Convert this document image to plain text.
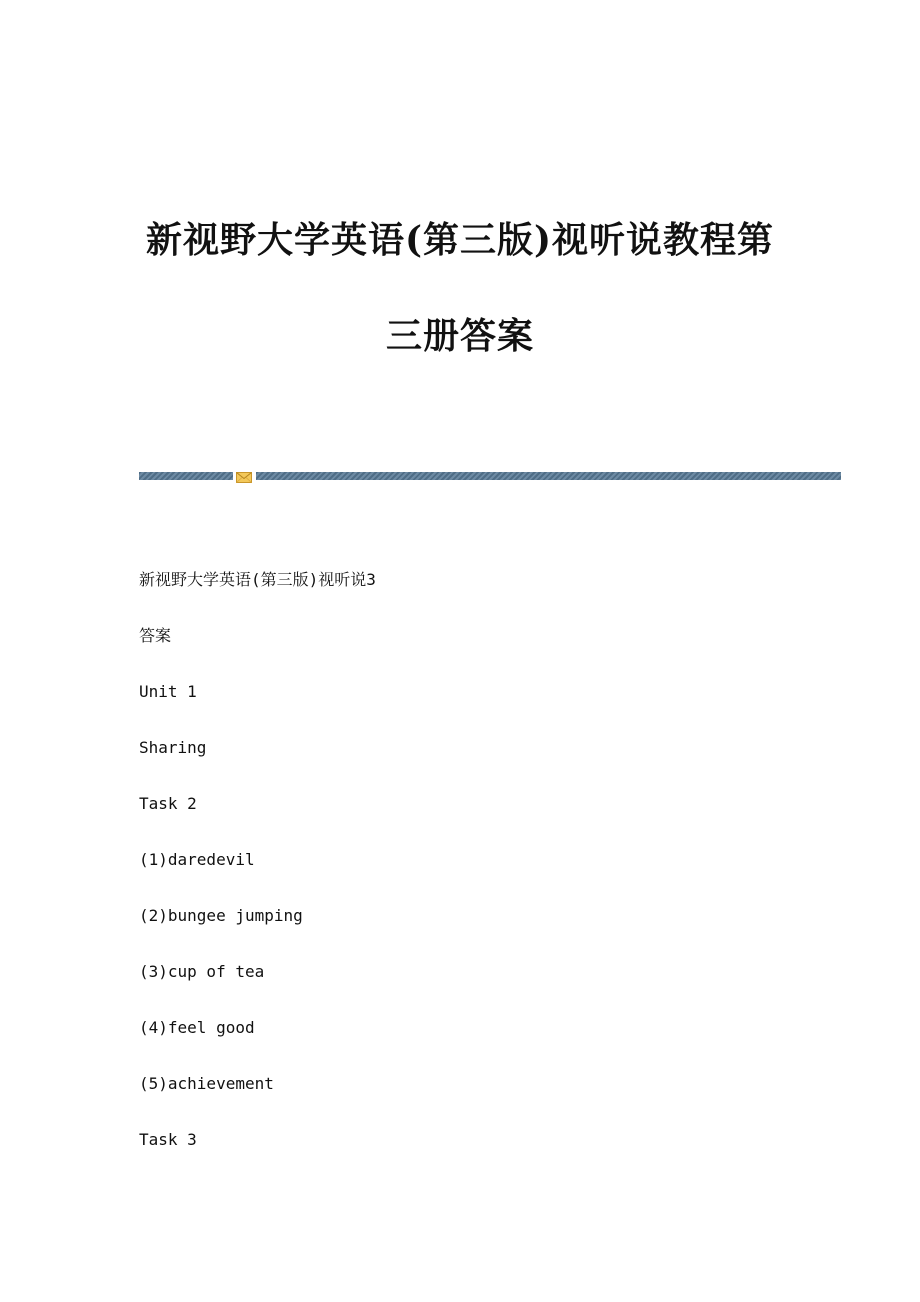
新视野大学英语(第三版)视听说教程第
三册答案
新视野大学英语(第三版)视听说3
答案
Unit 1
Sharing
Task 2
(1)daredevil
(2)bungee jumping
(3)cup of tea
(4)feel good
(5)achievement
Task 3
